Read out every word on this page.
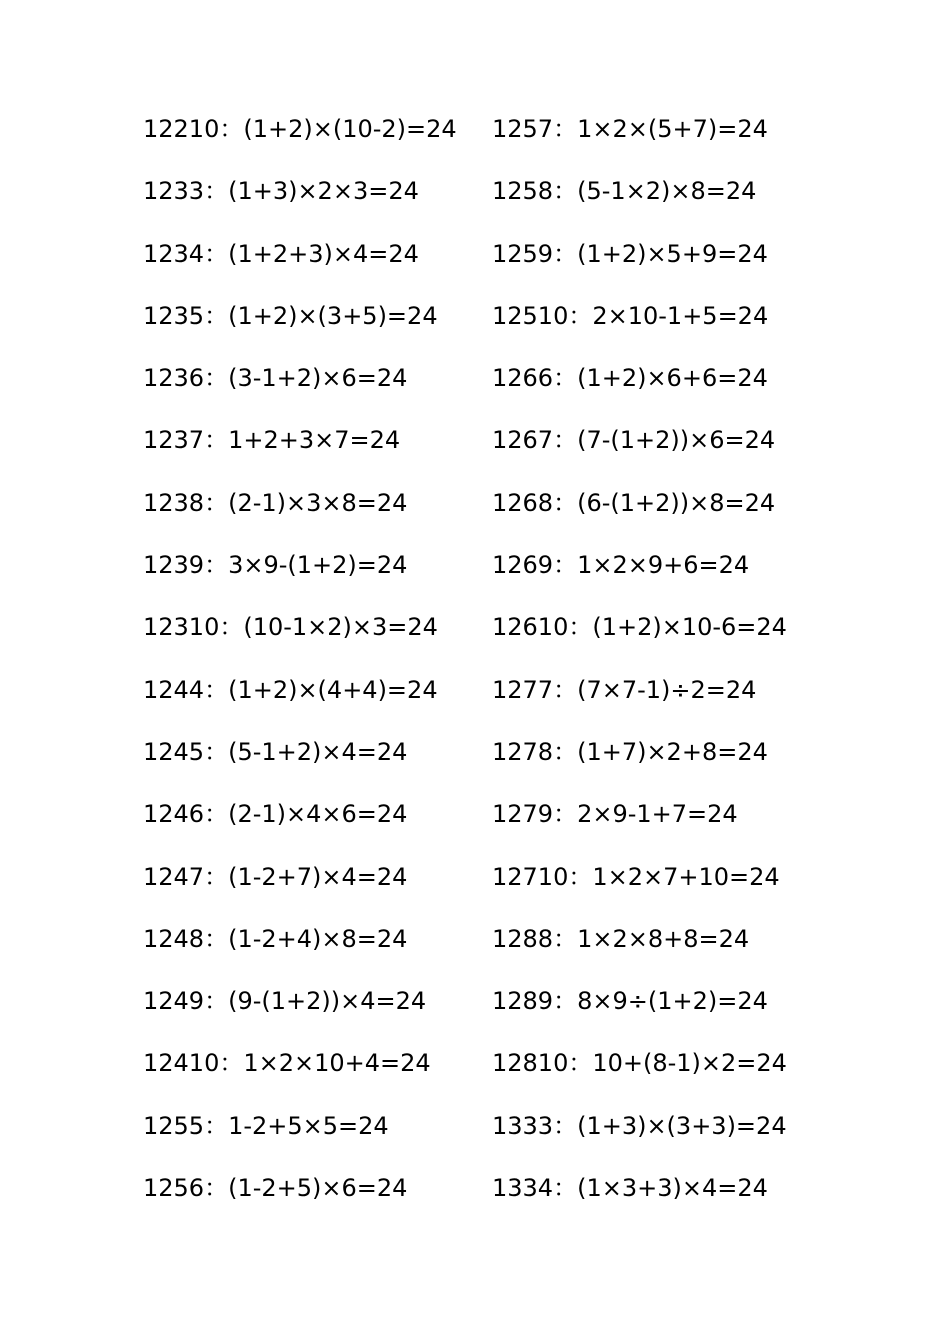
12210：(1+2)×(10-2)=24
1233：(1+3)×2×3=24
1234：(1+2+3)×4=24
1235：(1+2)×(3+5)=24
1236：(3-1+2)×6=24
1237：1+2+3×7=24
1238：(2-1)×3×8=24
1239：3×9-(1+2)=24
12310：(10-1×2)×3=24
1244：(1+2)×(4+4)=24
1245：(5-1+2)×4=24
1246：(2-1)×4×6=24
1247：(1-2+7)×4=24
1248：(1-2+4)×8=24
1249：(9-(1+2))×4=24
12410：1×2×10+4=24
1255：1-2+5×5=24
1256：(1-2+5)×6=24
1257：1×2×(5+7)=24
1258：(5-1×2)×8=24
1259：(1+2)×5+9=24
12510：2×10-1+5=24
1266：(1+2)×6+6=24
1267：(7-(1+2))×6=24
1268：(6-(1+2))×8=24
1269：1×2×9+6=24
12610：(1+2)×10-6=24
1277：(7×7-1)÷2=24
1278：(1+7)×2+8=24
1279：2×9-1+7=24
12710：1×2×7+10=24
1288：1×2×8+8=24
1289：8×9÷(1+2)=24
12810：10+(8-1)×2=24
1333：(1+3)×(3+3)=24
1334：(1×3+3)×4=24
